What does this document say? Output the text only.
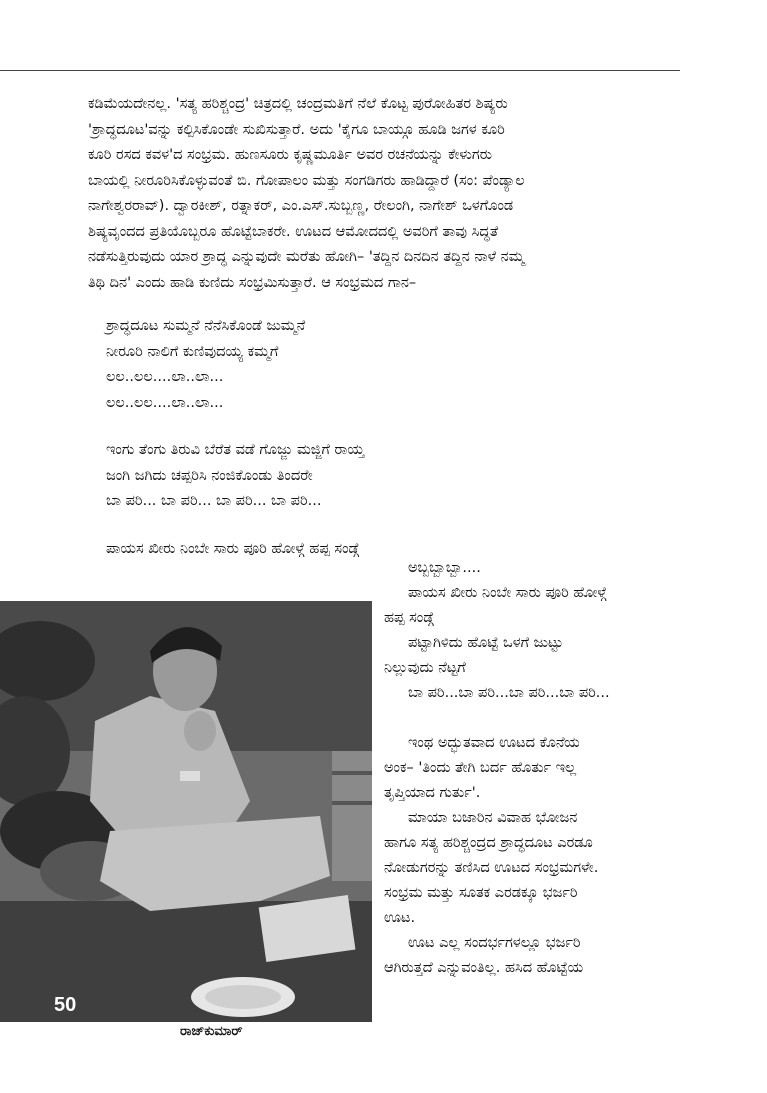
ಕಡಿಮೆಯದೇನಲ್ಲ. 'ಸತ್ಯ ಹರಿಶ್ಚಂದ್ರ' ಚಿತ್ರದಲ್ಲಿ ಚಂದ್ರಮತಿಗೆ ನೆಲೆ ಕೊಟ್ಟ ಪುರೋಹಿತರ ಶಿಷ್ಯರು
'ಶ್ರಾದ್ಧದೂಟ'ವನ್ನು ಕಲ್ಪಿಸಿಕೊಂಡೇ ಸುಖಿಸುತ್ತಾರೆ. ಅದು 'ಕೈಗೂ ಬಾಯ್ಗೂ ಹೂಡಿ ಜಗಳ ಕೂರಿ
ಕೂರಿ ರಸದ ಕವಳ'ದ ಸಂಭ್ರಮ. ಹುಣಸೂರು ಕೃಷ್ಣಮೂರ್ತಿ ಅವರ ರಚನೆಯನ್ನು ಕೇಳುಗರು
ಬಾಯಲ್ಲಿ ನೀರೂರಿಸಿಕೊಳ್ಳುವಂತೆ ಬಿ. ಗೋಪಾಲಂ ಮತ್ತು ಸಂಗಡಿಗರು ಹಾಡಿದ್ದಾರೆ (ಸಂ: ಪೆಂಡ್ಯಾಲ
ನಾಗೇಶ್ವರರಾವ್). ದ್ವಾರಕೀಶ್, ರತ್ನಾಕರ್, ಎಂ.ಎಸ್.ಸುಬ್ಬಣ್ಣ, ರೇಲಂಗಿ, ನಾಗೇಶ್ ಒಳಗೊಂಡ
ಶಿಷ್ಯವೃಂದದ ಪ್ರತಿಯೊಬ್ಬರೂ ಹೊಟ್ಟೆಬಾಕರೇ. ಊಟದ ಆಮೋದದಲ್ಲಿ ಅವರಿಗೆ ತಾವು ಸಿದ್ಧತೆ
ನಡೆಸುತ್ತಿರುವುದು ಯಾರ ಶ್ರಾದ್ಧ ಎನ್ನುವುದೇ ಮರೆತು ಹೋಗಿ– 'ತದ್ದಿನ ದಿನದಿನ ತದ್ದಿನ ನಾಳೆ ನಮ್ಮ
ತಿಥಿ ದಿನ' ಎಂದು ಹಾಡಿ ಕುಣಿದು ಸಂಭ್ರಮಿಸುತ್ತಾರೆ. ಆ ಸಂಭ್ರಮದ ಗಾನ–
ಶ್ರಾದ್ಧದೂಟ ಸುಮ್ಮನೆ ನೆನೆಸಿಕೊಂಡೆ ಜುಮ್ಮನೆ
ನೀರೂರಿ ನಾಲಿಗೆ ಕುಣಿವುದಯ್ಯ ಕಮ್ಮಗೆ
ಲಲ..ಲಲ....ಲಾ..ಲಾ...
ಲಲ..ಲಲ....ಲಾ..ಲಾ...
ಇಂಗು ತೆಂಗು ತಿರುವಿ ಬೆರೆತ ವಡೆ ಗೊಜ್ಜು ಮಜ್ಜಿಗೆ ರಾಯ್ತ
ಜಂಗಿ ಜಗಿದು ಚಪ್ಪರಿಸಿ ನಂಜಿಕೊಂಡು ತಿಂದರೇ
ಬಾ ಪರಿ... ಬಾ ಪರಿ... ಬಾ ಪರಿ... ಬಾ ಪರಿ...
ಪಾಯಸ ಖೀರು ನಿಂಬೇ ಸಾರು ಪೂರಿ ಹೋಳ್ಗೆ ಹಪ್ಪ ಸಂಡ್ಗೆ
ಅಬ್ಬಬ್ಬಾಬ್ಬಾ....
ಪಾಯಸ ಖೀರು ನಿಂಬೇ ಸಾರು ಪೂರಿ ಹೋಳ್ಗೆ
ಹಪ್ಪ ಸಂಡ್ಗೆ
ಪಟ್ಟಾಗಿಳಿದು ಹೊಟ್ಟೆ ಒಳಗೆ ಜುಟ್ಟು
ನಿಲ್ಲುವುದು ನೆಟ್ಟಗೆ
ಬಾ ಪರಿ...ಬಾ ಪರಿ...ಬಾ ಪರಿ...ಬಾ ಪರಿ...
ಇಂಥ ಅದ್ಭುತವಾದ ಊಟದ ಕೊನೆಯ
ಅಂಕ– 'ತಿಂದು ತೇಗಿ ಬರ್ದ ಹೊರ್ತು ಇಲ್ಲ
ತೃಪ್ತಿಯಾದ ಗುರ್ತು'.
ಮಾಯಾ ಬಜಾರಿನ ವಿವಾಹ ಭೋಜನ
ಹಾಗೂ ಸತ್ಯ ಹರಿಶ್ಚಂದ್ರದ ಶ್ರಾದ್ಧದೂಟ ಎರಡೂ
ನೋಡುಗರನ್ನು ತಣಿಸಿದ ಊಟದ ಸಂಭ್ರಮಗಳೇ.
ಸಂಭ್ರಮ ಮತ್ತು ಸೂತಕ ಎರಡಕ್ಕೂ ಭರ್ಜರಿ
ಊಟ.
ಊಟ ಎಲ್ಲ ಸಂದರ್ಭಗಳಲ್ಲೂ ಭರ್ಜರಿ
ಆಗಿರುತ್ತದೆ ಎನ್ನುವಂತಿಲ್ಲ. ಹಸಿದ ಹೊಟ್ಟೆಯ
50
ರಾಜ್‌ಕುಮಾರ್
